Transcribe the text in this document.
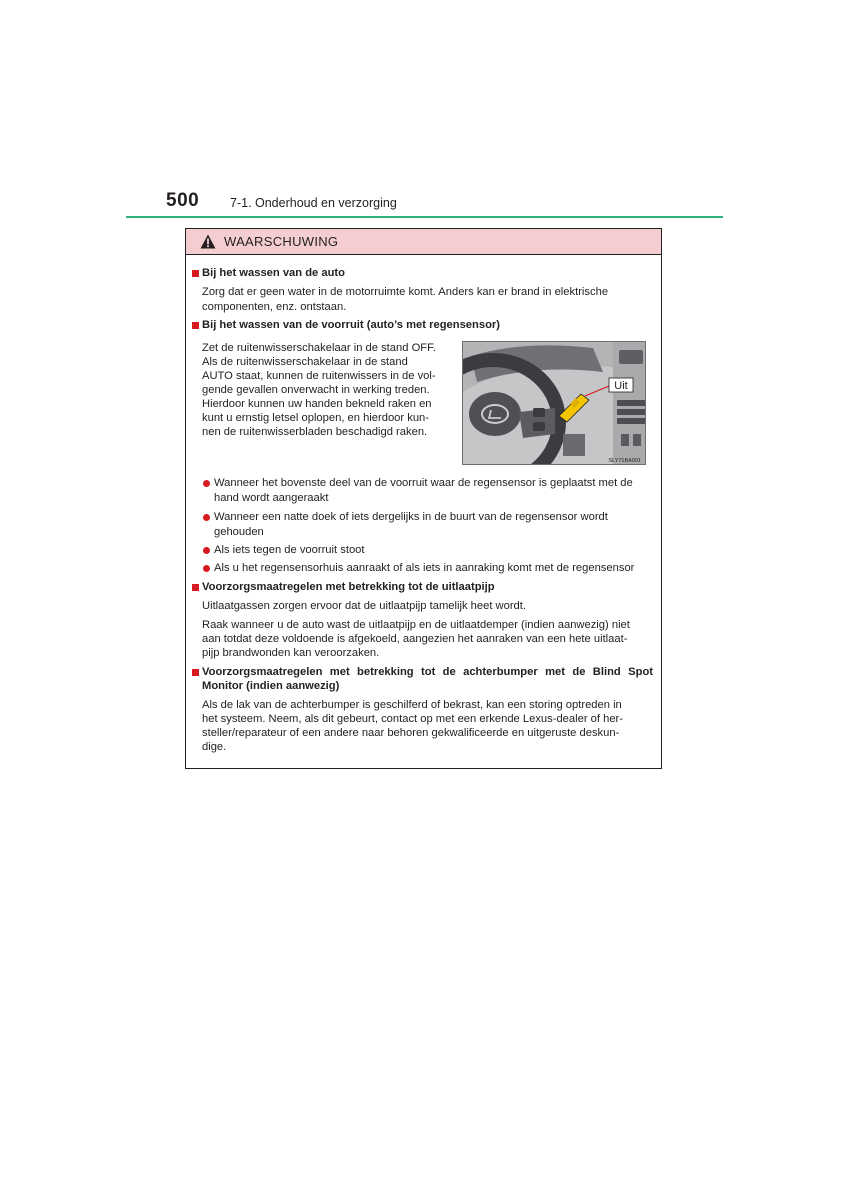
500 7-1. Onderhoud en verzorging
WAARSCHUWING
Bij het wassen van de auto
Zorg dat er geen water in de motorruimte komt. Anders kan er brand in elektrische
componenten, enz. ontstaan.
Bij het wassen van de voorruit (auto’s met regensensor)
Zet de ruitenwisserschakelaar in de stand OFF.
Als de ruitenwisserschakelaar in de stand
AUTO staat, kunnen de ruitenwissers in de vol-
gende gevallen onverwacht in werking treden.
Hierdoor kunnen uw handen bekneld raken en
kunt u ernstig letsel oplopen, en hierdoor kun-
nen de ruitenwisserbladen beschadigd raken.
Wanneer het bovenste deel van de voorruit waar de regensensor is geplaatst met de
hand wordt aangeraakt
Wanneer een natte doek of iets dergelijks in de buurt van de regensensor wordt
gehouden
Als iets tegen de voorruit stoot
Als u het regensensorhuis aanraakt of als iets in aanraking komt met de regensensor
Voorzorgsmaatregelen met betrekking tot de uitlaatpijp
Uitlaatgassen zorgen ervoor dat de uitlaatpijp tamelijk heet wordt.
Raak wanneer u de auto wast de uitlaatpijp en de uitlaatdemper (indien aanwezig) niet
aan totdat deze voldoende is afgekoeld, aangezien het aanraken van een hete uitlaat-
pijp brandwonden kan veroorzaken.
Voorzorgsmaatregelen met betrekking tot de achterbumper met de Blind Spot
Monitor (indien aanwezig)
Als de lak van de achterbumper is geschilferd of bekrast, kan een storing optreden in
het systeem. Neem, als dit gebeurt, contact op met een erkende Lexus-dealer of her-
steller/reparateur of een andere naar behoren gekwalificeerde en uitgeruste deskun-
dige.
Uit
SLY71BA001
